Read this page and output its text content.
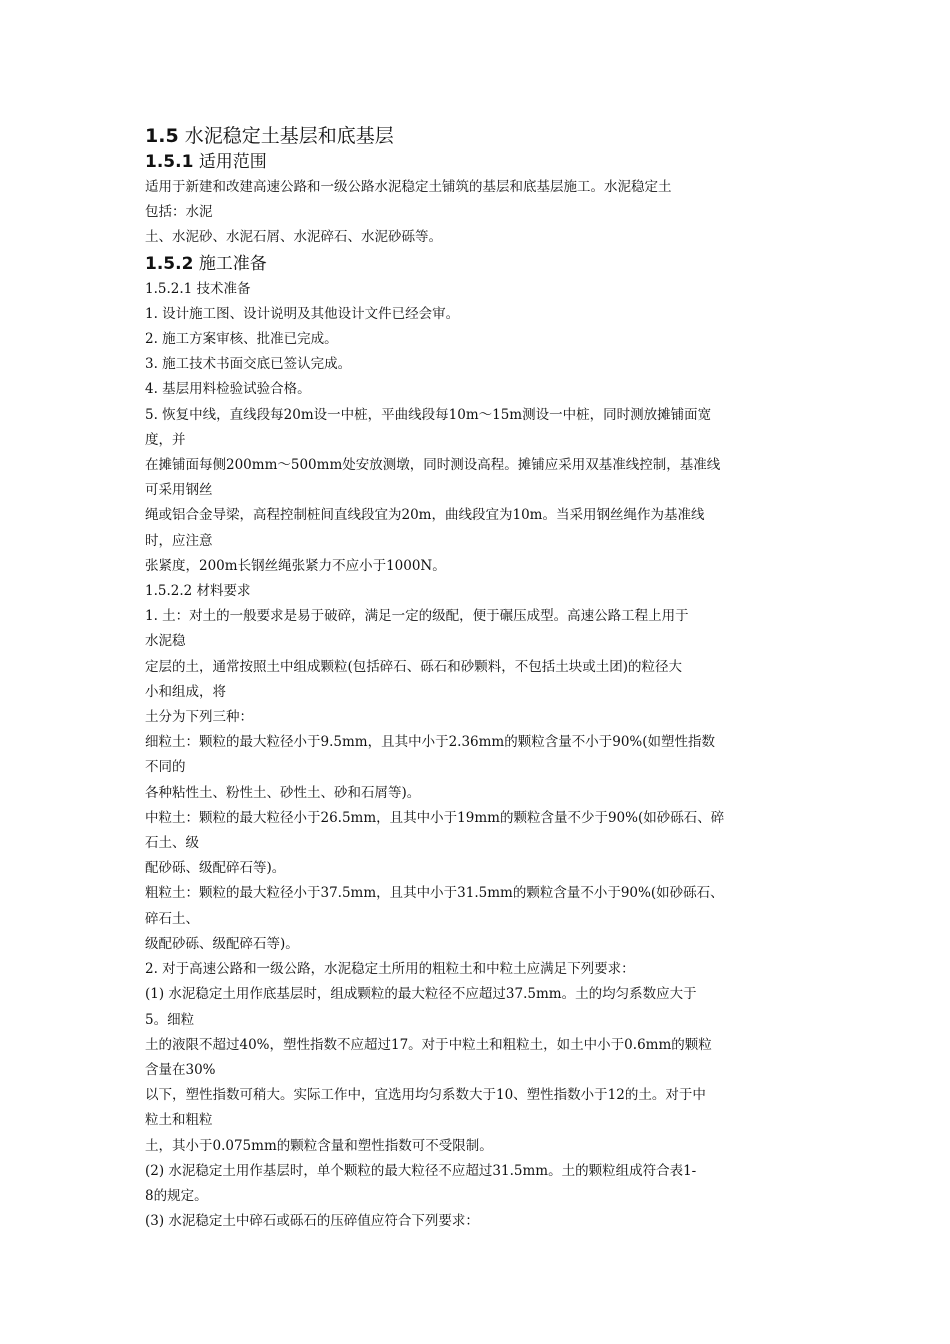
1.5 水泥稳定土基层和底基层
1.5.1 适用范围

适用于新建和改建高速公路和一级公路水泥稳定土铺筑的基层和底基层施工。水泥稳定土

包括：水泥

土、水泥砂、水泥石屑、水泥碎石、水泥砂砾等。

1.5.2 施工准备

1.5.2.1 技术准备

1. 设计施工图、设计说明及其他设计文件已经会审。

2. 施工方案审核、批准已完成。

3. 施工技术书面交底已签认完成。

4. 基层用料检验试验合格。

5. 恢复中线，直线段每20m设一中桩，平曲线段每10m～15m测设一中桩，同时测放摊铺面宽

度，并

在摊铺面每侧200mm～500mm处安放测墩，同时测设高程。摊铺应采用双基准线控制，基准线

可采用钢丝

绳或铝合金导梁，高程控制桩间直线段宜为20m，曲线段宜为10m。当采用钢丝绳作为基准线

时，应注意

张紧度，200m长钢丝绳张紧力不应小于1000N。

1.5.2.2 材料要求

1. 土：对土的一般要求是易于破碎，满足一定的级配，便于碾压成型。高速公路工程上用于

水泥稳

定层的土，通常按照土中组成颗粒(包括碎石、砾石和砂颗料，不包括土块或土团)的粒径大

小和组成，将

土分为下列三种：

细粒土：颗粒的最大粒径小于9.5mm，且其中小于2.36mm的颗粒含量不小于90%(如塑性指数

不同的

各种粘性土、粉性土、砂性土、砂和石屑等)。

中粒土：颗粒的最大粒径小于26.5mm，且其中小于19mm的颗粒含量不少于90%(如砂砾石、碎

石土、级

配砂砾、级配碎石等)。

粗粒土：颗粒的最大粒径小于37.5mm，且其中小于31.5mm的颗粒含量不小于90%(如砂砾石、

碎石土、

级配砂砾、级配碎石等)。

2. 对于高速公路和一级公路，水泥稳定土所用的粗粒土和中粒土应满足下列要求：

(1) 水泥稳定土用作底基层时，组成颗粒的最大粒径不应超过37.5mm。土的均匀系数应大于

5。细粒

土的液限不超过40%，塑性指数不应超过17。对于中粒土和粗粒土，如土中小于0.6mm的颗粒

含量在30%

以下，塑性指数可稍大。实际工作中，宜选用均匀系数大于10、塑性指数小于12的土。对于中

粒土和粗粒

土，其小于0.075mm的颗粒含量和塑性指数可不受限制。

(2) 水泥稳定土用作基层时，单个颗粒的最大粒径不应超过31.5mm。土的颗粒组成符合表1-

8的规定。

(3) 水泥稳定土中碎石或砾石的压碎值应符合下列要求：
